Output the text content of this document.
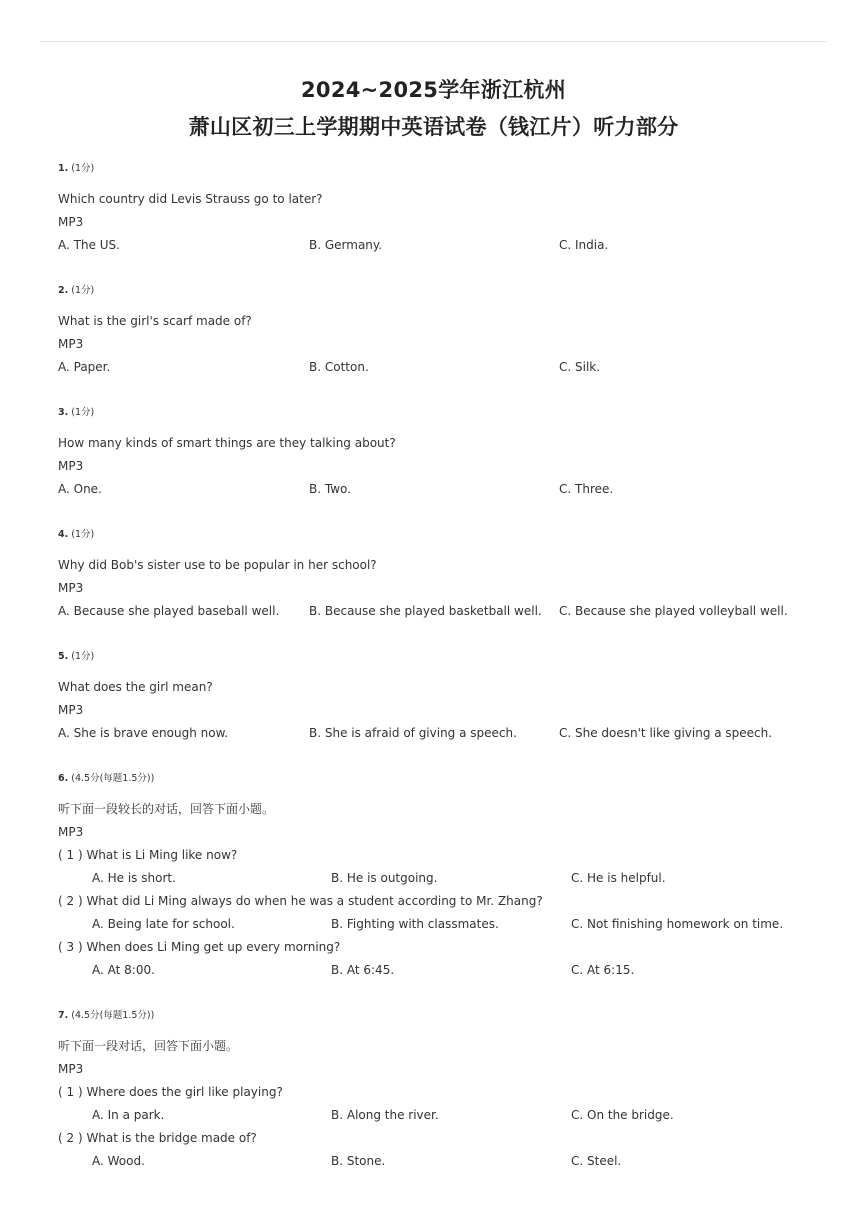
2024~2025学年浙江杭州
萧山区初三上学期期中英语试卷（钱江片）听力部分
1. (1分)
Which country did Levis Strauss go to later?
MP3
A. The US.	B. Germany.	C. India.
2. (1分)
What is the girl's scarf made of?
MP3
A. Paper.	B. Cotton.	C. Silk.
3. (1分)
How many kinds of smart things are they talking about?
MP3
A. One.	B. Two.	C. Three.
4. (1分)
Why did Bob's sister use to be popular in her school?
MP3
A. Because she played baseball well. B. Because she played basketball well. C. Because she played volleyball well.
5. (1分)
What does the girl mean?
MP3
A. She is brave enough now.	B. She is afraid of giving a speech.	C. She doesn't like giving a speech.
6. (4.5分(每题1.5分))
听下面一段较长的对话，回答下面小题。
MP3
( 1 ) What is Li Ming like now?
A. He is short.	B. He is outgoing.	C. He is helpful.
( 2 ) What did Li Ming always do when he was a student according to Mr. Zhang?
A. Being late for school.	B. Fighting with classmates.	C. Not finishing homework on time.
( 3 ) When does Li Ming get up every morning?
A. At 8:00.	B. At 6:45.	C. At 6:15.
7. (4.5分(每题1.5分))
听下面一段对话，回答下面小题。
MP3
( 1 ) Where does the girl like playing?
A. In a park.	B. Along the river.	C. On the bridge.
( 2 ) What is the bridge made of?
A. Wood.	B. Stone.	C. Steel.
